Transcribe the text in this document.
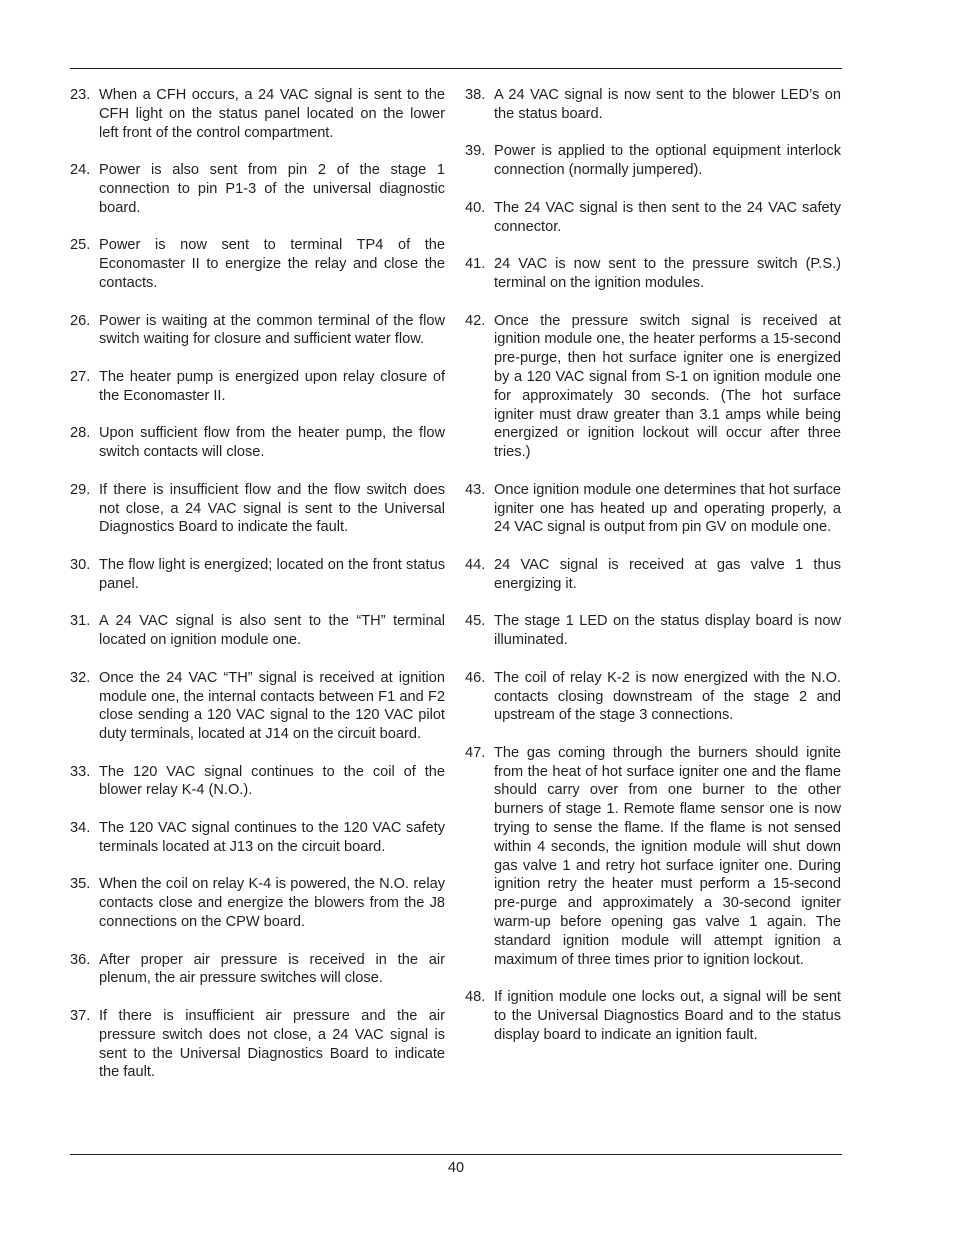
23. When a CFH occurs, a 24 VAC signal is sent to the CFH light on the status panel located on the lower left front of the control compartment.
24. Power is also sent from pin 2 of the stage 1 connection to pin P1-3 of the universal diagnostic board.
25. Power is now sent to terminal TP4 of the Economaster II to energize the relay and close the contacts.
26. Power is waiting at the common terminal of the flow switch waiting for closure and sufficient water flow.
27. The heater pump is energized upon relay closure of the Economaster II.
28. Upon sufficient flow from the heater pump, the flow switch contacts will close.
29. If there is insufficient flow and the flow switch does not close, a 24 VAC signal is sent to the Universal Diagnostics Board to indicate the fault.
30. The flow light is energized; located on the front status panel.
31. A 24 VAC signal is also sent to the “TH” terminal located on ignition module one.
32. Once the 24 VAC “TH” signal is received at ignition module one, the internal contacts between F1 and F2 close sending a 120 VAC signal to the 120 VAC pilot duty terminals, located at J14 on the circuit board.
33. The 120 VAC signal continues to the coil of the blower relay K-4 (N.O.).
34. The 120 VAC signal continues to the 120 VAC safety terminals located at J13 on the circuit board.
35. When the coil on relay K-4 is powered, the N.O. relay contacts close and energize the blowers from the J8 connections on the CPW board.
36. After proper air pressure is received in the air plenum, the air pressure switches will close.
37. If there is insufficient air pressure and the air pressure switch does not close, a 24 VAC signal is sent to the Universal Diagnostics Board to indicate the fault.
38. A 24 VAC signal is now sent to the blower LED’s on the status board.
39. Power is applied to the optional equipment interlock connection (normally jumpered).
40. The 24 VAC signal is then sent to the 24 VAC safety connector.
41. 24 VAC is now sent to the pressure switch (P.S.) terminal on the ignition modules.
42. Once the pressure switch signal is received at ignition module one, the heater performs a 15-second pre-purge, then hot surface igniter one is energized by a 120 VAC signal from S-1 on ignition module one for approximately 30 seconds. (The hot surface igniter must draw greater than 3.1 amps while being energized or ignition lockout will occur after three tries.)
43. Once ignition module one determines that hot surface igniter one has heated up and operating properly, a 24 VAC signal is output from pin GV on module one.
44. 24 VAC signal is received at gas valve 1 thus energizing it.
45. The stage 1 LED on the status display board is now illuminated.
46. The coil of relay K-2 is now energized with the N.O. contacts closing downstream of the stage 2 and upstream of the stage 3 connections.
47. The gas coming through the burners should ignite from the heat of hot surface igniter one and the flame should carry over from one burner to the other burners of stage 1. Remote flame sensor one is now trying to sense the flame. If the flame is not sensed within 4 seconds, the ignition module will shut down gas valve 1 and retry hot surface igniter one. During ignition retry the heater must perform a 15-second pre-purge and approximately a 30-second igniter warm-up before opening gas valve 1 again. The standard ignition module will attempt ignition a maximum of three times prior to ignition lockout.
48. If ignition module one locks out, a signal will be sent to the Universal Diagnostics Board and to the status display board to indicate an ignition fault.
40
